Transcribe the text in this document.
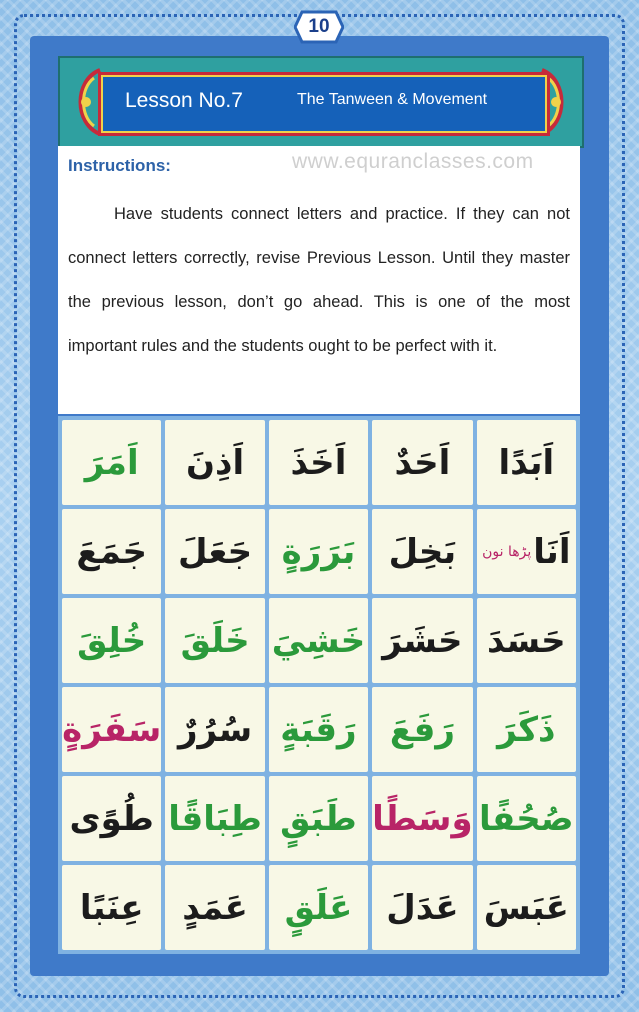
10
Lesson No.7	The Tanween & Movement
www.equranclasses.com
Instructions:

Have students connect letters and practice. If they can not connect letters correctly, revise Previous Lesson. Until they master the previous lesson, don’t go ahead. This is one of the most important rules and the students ought to be perfect with it.

اَمَرَ اَذِنَ اَخَذَ اَحَدٌ اَبَدًا
جَمَعَ جَعَلَ بَرَرَةٍ بَخِلَ اَنَا
پڑھا نون
خُلِقَ خَلَقَ خَشِيَ حَشَرَ حَسَدَ
سَفَرَةٍ سُرُرٌ رَقَبَةٍ رَفَعَ ذَكَرَ
طُوًى طِبَاقًا طَبَقٍ وَسَطًا صُحُفًا
عِنَبًا عَمَدٍ عَلَقٍ عَدَلَ عَبَسَ
